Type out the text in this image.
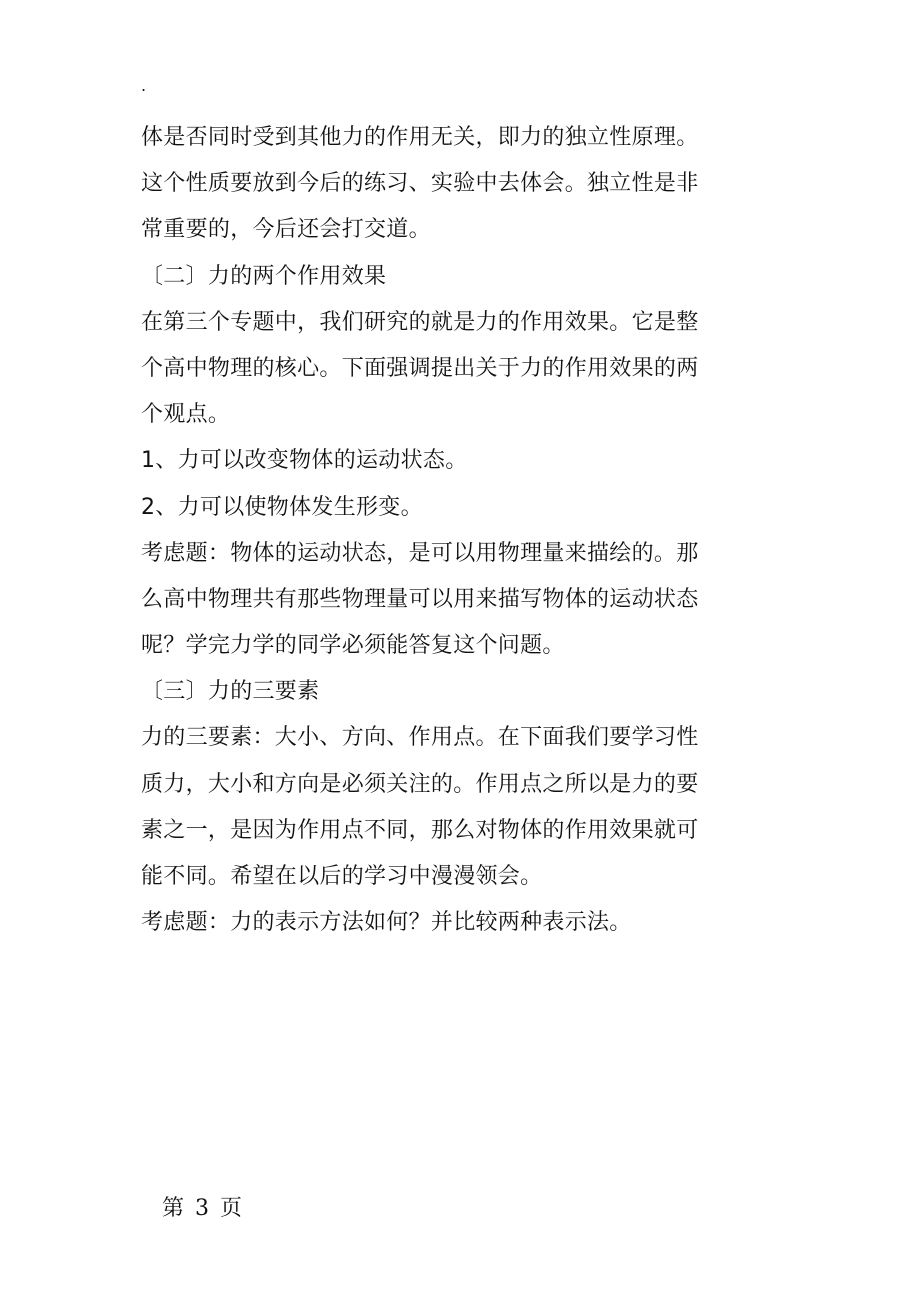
.
体是否同时受到其他力的作用无关，即力的独立性原理。
这个性质要放到今后的练习、实验中去体会。独立性是非
常重要的，今后还会打交道。
〔二〕力的两个作用效果
在第三个专题中，我们研究的就是力的作用效果。它是整
个高中物理的核心。下面强调提出关于力的作用效果的两
个观点。
1、力可以改变物体的运动状态。
2、力可以使物体发生形变。
考虑题：物体的运动状态，是可以用物理量来描绘的。那
么高中物理共有那些物理量可以用来描写物体的运动状态
呢？学完力学的同学必须能答复这个问题。
〔三〕力的三要素
力的三要素：大小、方向、作用点。在下面我们要学习性
质力，大小和方向是必须关注的。作用点之所以是力的要
素之一，是因为作用点不同，那么对物体的作用效果就可
能不同。希望在以后的学习中漫漫领会。
考虑题：力的表示方法如何？并比较两种表示法。
第 3 页
